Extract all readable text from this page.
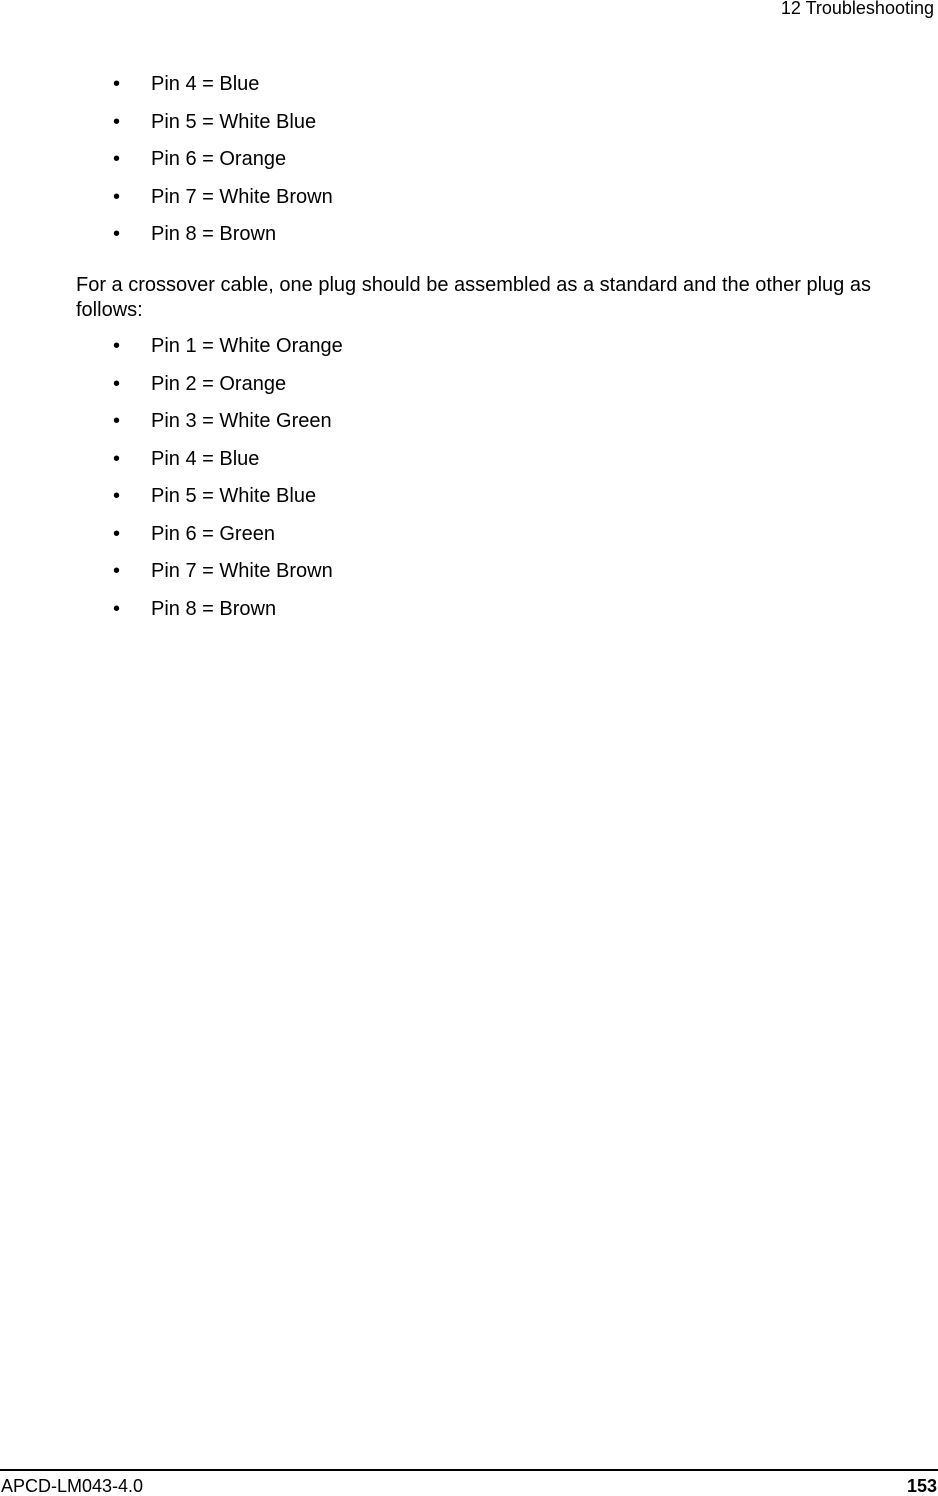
12 Troubleshooting
• Pin 4 = Blue
• Pin 5 = White Blue
• Pin 6 = Orange
• Pin 7 = White Brown
• Pin 8 = Brown

For a crossover cable, one plug should be assembled as a standard and the other plug as follows:

• Pin 1 = White Orange
• Pin 2 = Orange
• Pin 3 = White Green
• Pin 4 = Blue
• Pin 5 = White Blue
• Pin 6 = Green
• Pin 7 = White Brown
• Pin 8 = Brown
APCD-LM043-4.0	153
